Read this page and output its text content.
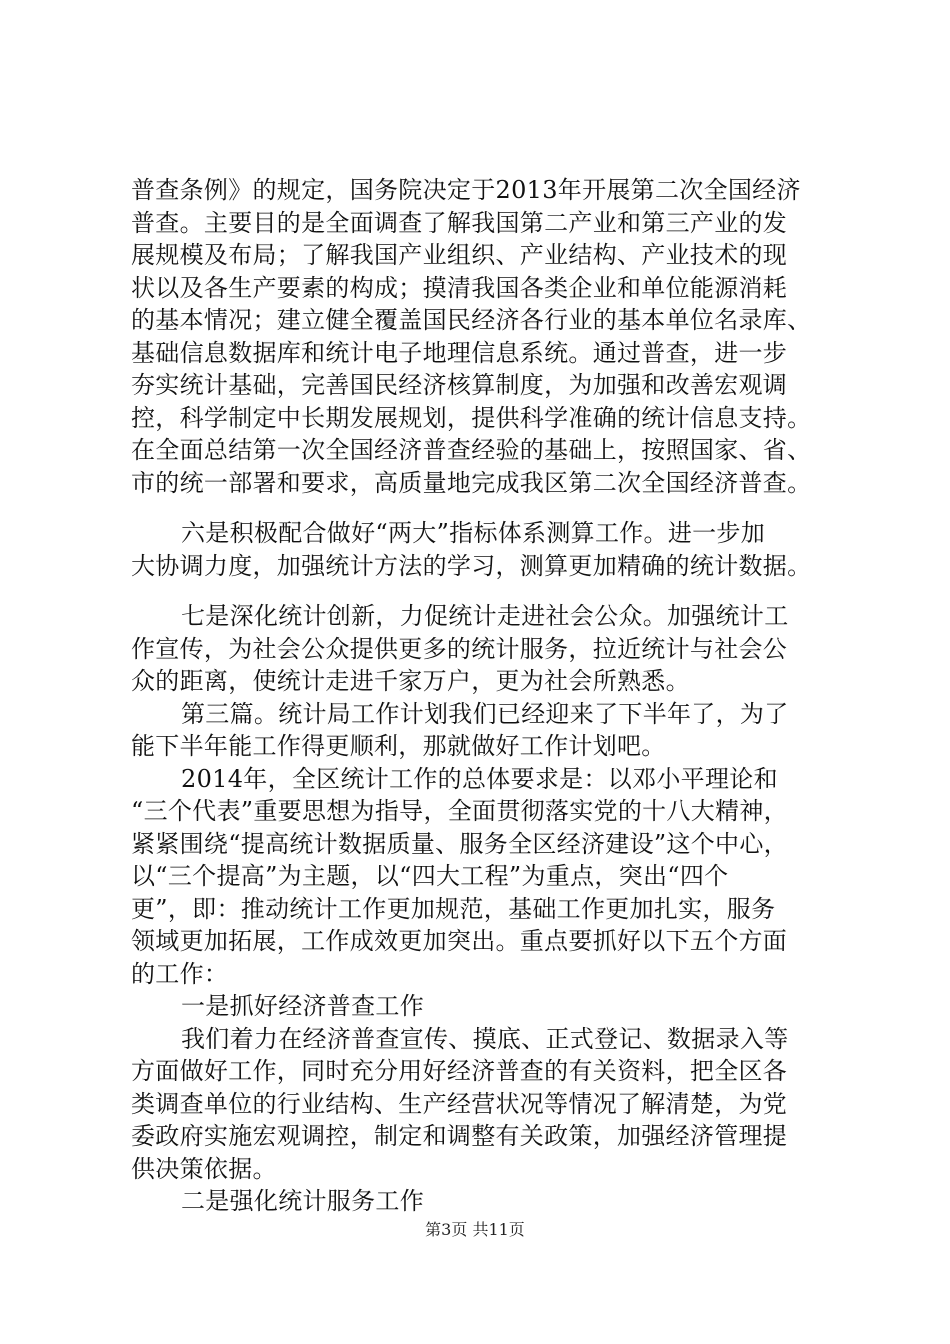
普查条例》的规定，国务院决定于2013年开展第二次全国经济
普查。主要目的是全面调查了解我国第二产业和第三产业的发
展规模及布局；了解我国产业组织、产业结构、产业技术的现
状以及各生产要素的构成；摸清我国各类企业和单位能源消耗
的基本情况；建立健全覆盖国民经济各行业的基本单位名录库、
基础信息数据库和统计电子地理信息系统。通过普查，进一步
夯实统计基础，完善国民经济核算制度，为加强和改善宏观调
控，科学制定中长期发展规划，提供科学准确的统计信息支持。
在全面总结第一次全国经济普查经验的基础上，按照国家、省、
市的统一部署和要求，高质量地完成我区第二次全国经济普查。
六是积极配合做好“两大”指标体系测算工作。进一步加
大协调力度，加强统计方法的学习，测算更加精确的统计数据。
七是深化统计创新，力促统计走进社会公众。加强统计工
作宣传，为社会公众提供更多的统计服务，拉近统计与社会公
众的距离，使统计走进千家万户，更为社会所熟悉。
第三篇。统计局工作计划我们已经迎来了下半年了，为了
能下半年能工作得更顺利，那就做好工作计划吧。
2014年，全区统计工作的总体要求是：以邓小平理论和
“三个代表”重要思想为指导，全面贯彻落实党的十八大精神，
紧紧围绕“提高统计数据质量、服务全区经济建设”这个中心，
以“三个提高”为主题，以“四大工程”为重点，突出“四个
更”，即：推动统计工作更加规范，基础工作更加扎实，服务
领域更加拓展，工作成效更加突出。重点要抓好以下五个方面
的工作：
一是抓好经济普查工作
我们着力在经济普查宣传、摸底、正式登记、数据录入等
方面做好工作，同时充分用好经济普查的有关资料，把全区各
类调查单位的行业结构、生产经营状况等情况了解清楚，为党
委政府实施宏观调控，制定和调整有关政策，加强经济管理提
供决策依据。
二是强化统计服务工作
第3页 共11页
